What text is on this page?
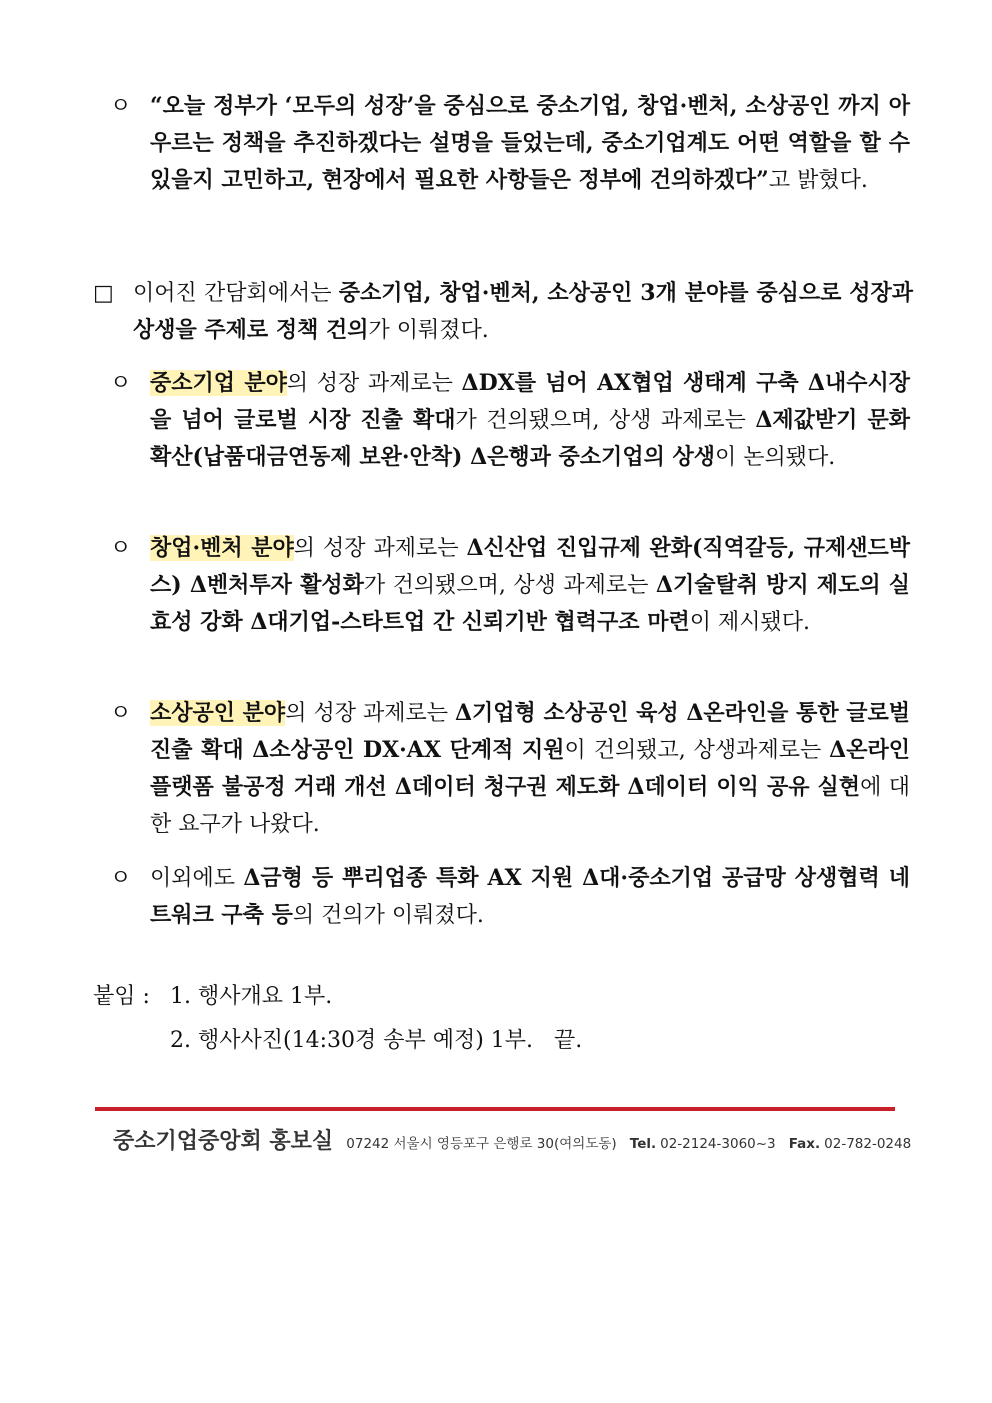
ㅇ “오늘 정부가 ‘모두의 성장’을 중심으로 중소기업, 창업·벤처, 소상공인 까지 아우르는 정책을 추진하겠다는 설명을 들었는데, 중소기업계도 어떤 역할을 할 수 있을지 고민하고, 현장에서 필요한 사항들은 정부에 건의하겠다”고 밝혔다.
□ 이어진 간담회에서는 중소기업, 창업·벤처, 소상공인 3개 분야를 중심으로 성장과 상생을 주제로 정책 건의가 이뤄졌다.
ㅇ 중소기업 분야의 성장 과제로는 ΔDX를 넘어 AX협업 생태계 구축 Δ내수시장을 넘어 글로벌 시장 진출 확대가 건의됐으며, 상생 과제로는 Δ제값받기 문화 확산(납품대금연동제 보완·안착) Δ은행과 중소기업의 상생이 논의됐다.
ㅇ 창업·벤처 분야의 성장 과제로는 Δ신산업 진입규제 완화(직역갈등, 규제샌드박스) Δ벤처투자 활성화가 건의됐으며, 상생 과제로는 Δ기술탈취 방지 제도의 실효성 강화 Δ대기업-스타트업 간 신뢰기반 협력구조 마련이 제시됐다.
ㅇ 소상공인 분야의 성장 과제로는 Δ기업형 소상공인 육성 Δ온라인을 통한 글로벌 진출 확대 Δ소상공인 DX·AX 단계적 지원이 건의됐고, 상생과제로는 Δ온라인플랫폼 불공정 거래 개선 Δ데이터 청구권 제도화 Δ데이터 이익 공유 실현에 대한 요구가 나왔다.
ㅇ 이외에도 Δ금형 등 뿌리업종 특화 AX 지원 Δ대·중소기업 공급망 상생협력 네트워크 구축 등의 건의가 이뤄졌다.
붙임 : 1. 행사개요 1부.
2. 행사사진(14:30경 송부 예정) 1부.   끝.
중소기업중앙회 홍보실 07242 서울시 영등포구 은행로 30(여의도동) Tel. 02-2124-3060~3 Fax. 02-782-0248
